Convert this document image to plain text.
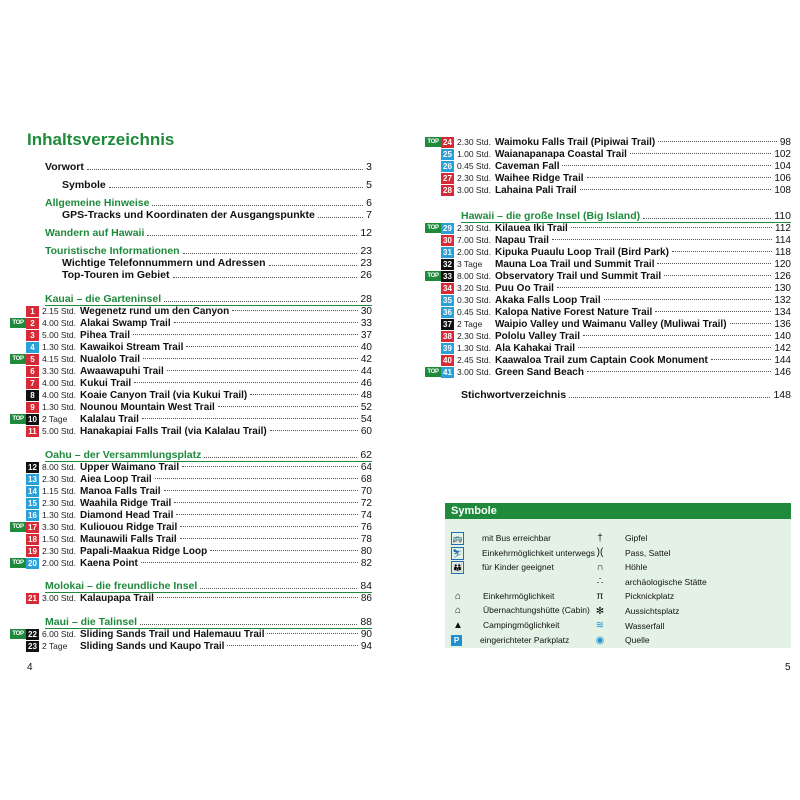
Inhaltsverzeichnis
Vorwort	3
Symbole	5
Allgemeine Hinweise	6
GPS-Tracks und Koordinaten der Ausgangspunkte	7
Wandern auf Hawaii	12
Touristische Informationen	23
Wichtige Telefonnummern und Adressen	23
Top-Touren im Gebiet	26
Kauai – die Garteninsel	28
1 2.15 Std. Wegenetz rund um den Canyon	30
TOP 2 4.00 Std. Alakai Swamp Trail	33
3 5.00 Std. Pihea Trail	37
4 1.30 Std. Kawaikoi Stream Trail	40
TOP 5 4.15 Std. Nualolo Trail	42
6 3.30 Std. Awaawapuhi Trail	44
7 4.00 Std. Kukui Trail	46
8 4.00 Std. Koaie Canyon Trail (via Kukui Trail)	48
9 1.30 Std. Nounou Mountain West Trail	52
TOP 10 2 Tage	Kalalau Trail	54
11 5.00 Std. Hanakapiai Falls Trail (via Kalalau Trail)	60
Oahu – der Versammlungsplatz	62
12 8.00 Std. Upper Waimano Trail	64
13 2.30 Std. Aiea Loop Trail	68
14 1.15 Std. Manoa Falls Trail	70
15 2.30 Std. Waahila Ridge Trail	72
16 1.30 Std. Diamond Head Trail	74
TOP 17 3.30 Std. Kuliouou Ridge Trail	76
18 1.50 Std. Maunawili Falls Trail	78
19 2.30 Std. Papali-Maakua Ridge Loop	80
TOP 20 2.00 Std. Kaena Point	82
Molokai – die freundliche Insel	84
21 3.00 Std. Kalaupapa Trail	86
Maui – die Talinsel	88
TOP 22 6.00 Std. Sliding Sands Trail und Halemauu Trail	90
23 2 Tage	Sliding Sands und Kaupo Trail	94
4
TOP 24 2.30 Std. Waimoku Falls Trail (Pipiwai Trail)	98
25 1.00 Std. Waianapanapa Coastal Trail	102
26 0.45 Std. Caveman Fall	104
27 2.30 Std. Waihee Ridge Trail	106
28 3.00 Std. Lahaina Pali Trail	108
Hawaii – die große Insel (Big Island)	110
TOP 29 2.30 Std. Kilauea Iki Trail	112
30 7.00 Std. Napau Trail	114
31 2.00 Std. Kipuka Puaulu Loop Trail (Bird Park)	118
32 3 Tage	Mauna Loa Trail und Summit Trail	120
TOP 33 8.00 Std. Observatory Trail und Summit Trail	126
34 3.20 Std. Puu Oo Trail	130
35 0.30 Std. Akaka Falls Loop Trail	132
36 0.45 Std. Kalopa Native Forest Nature Trail	134
37 2 Tage	Waipio Valley und Waimanu Valley (Muliwai Trail)	136
38 2.30 Std. Pololu Valley Trail	140
39 1.30 Std. Ala Kahakai Trail	142
40 2.45 Std. Kaawaloa Trail zum Captain Cook Monument	144
TOP 41 3.00 Std. Green Sand Beach	146
Stichwortverzeichnis	148
5
Symbole
🚌 mit Bus erreichbar
⛷ Einkehrmöglichkeit unterwegs
👪 für Kinder geeignet
⌂	Einkehrmöglichkeit
⌂	Übernachtungshütte (Cabin)
▲ Campingmöglichkeit
P	eingerichteter Parkplatz
†	Gipfel
)(	Pass, Sattel
∩	Höhle
∴	archäologische Stätte
π	Picknickplatz
✻	Aussichtsplatz
≋	Wasserfall
◉	Quelle
